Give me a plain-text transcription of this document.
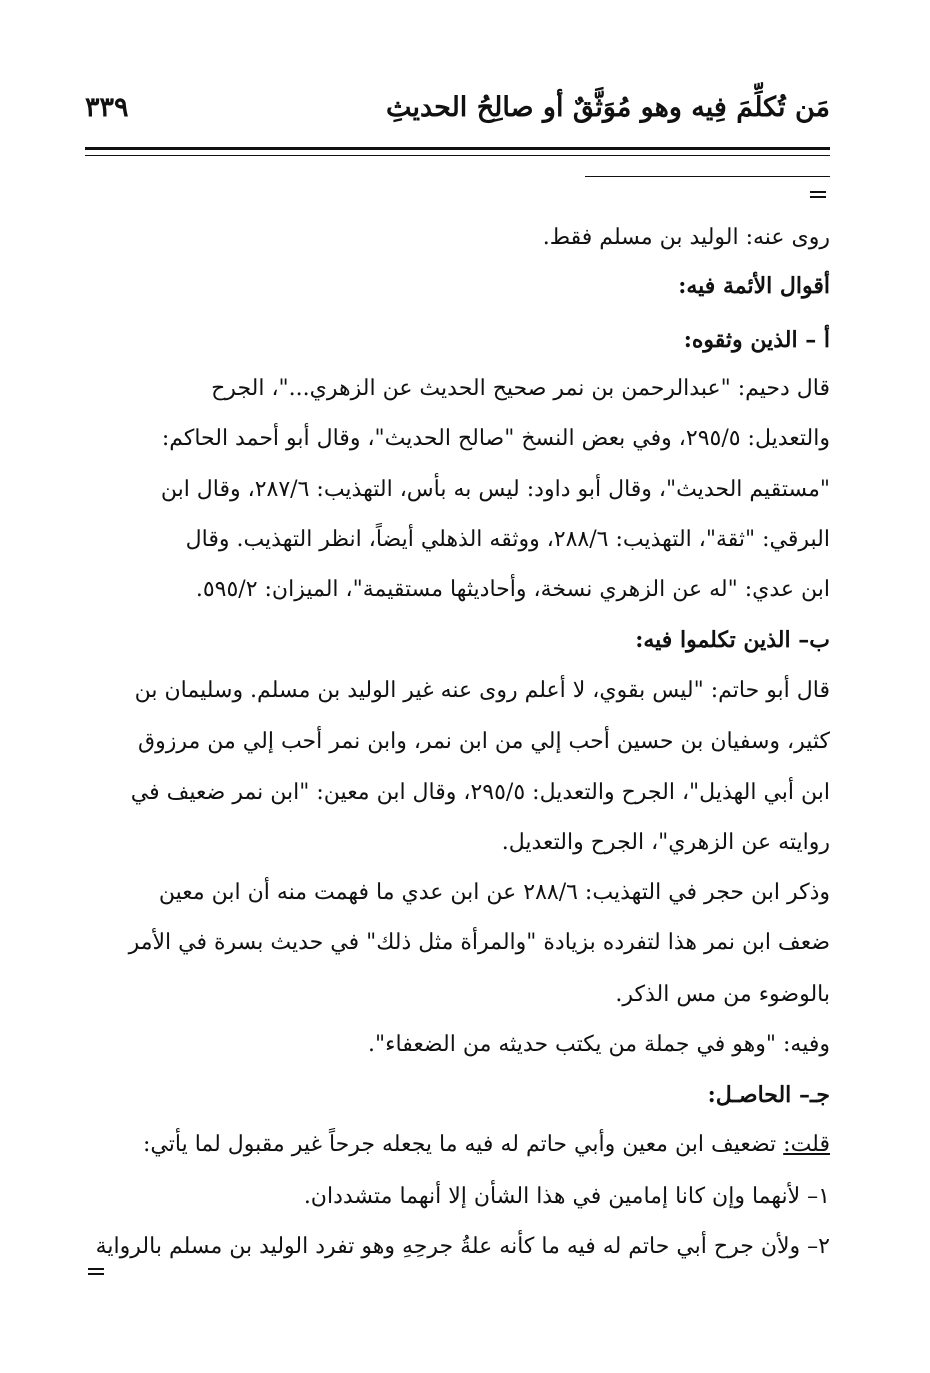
مَن تُكلِّمَ فِيه وهو مُوَثَّقٌ أو صالِحُ الحديثِ
٣٣٩
روى عنه: الوليد بن مسلم فقط.
أقوال الأئمة فيه:
أ – الذين وثقوه:
قال دحيم: "عبدالرحمن بن نمر صحيح الحديث عن الزهري..."، الجرح
والتعديل: ٢٩٥/٥، وفي بعض النسخ "صالح الحديث"، وقال أبو أحمد الحاكم:
"مستقيم الحديث"، وقال أبو داود: ليس به بأس، التهذيب: ٢٨٧/٦، وقال ابن
البرقي: "ثقة"، التهذيب: ٢٨٨/٦، ووثقه الذهلي أيضاً، انظر التهذيب. وقال
ابن عدي: "له عن الزهري نسخة، وأحاديثها مستقيمة"، الميزان: ٥٩٥/٢.
ب– الذين تكلموا فيه:
قال أبو حاتم: "ليس بقوي، لا أعلم روى عنه غير الوليد بن مسلم. وسليمان بن
كثير، وسفيان بن حسين أحب إلي من ابن نمر، وابن نمر أحب إلي من مرزوق
ابن أبي الهذيل"، الجرح والتعديل: ٢٩٥/٥، وقال ابن معين: "ابن نمر ضعيف في
روايته عن الزهري"، الجرح والتعديل.
وذكر ابن حجر في التهذيب: ٢٨٨/٦ عن ابن عدي ما فهمت منه أن ابن معين
ضعف ابن نمر هذا لتفرده بزيادة "والمرأة مثل ذلك" في حديث بسرة في الأمر
بالوضوء من مس الذكر.
وفيه: "وهو في جملة من يكتب حديثه من الضعفاء".
جـ– الحاصـل:
قلت: تضعيف ابن معين وأبي حاتم له فيه ما يجعله جرحاً غير مقبول لما يأتي:
١– لأنهما وإن كانا إمامين في هذا الشأن إلا أنهما متشددان.
٢– ولأن جرح أبي حاتم له فيه ما كأنه علةُ جرحِهِ وهو تفرد الوليد بن مسلم بالرواية
